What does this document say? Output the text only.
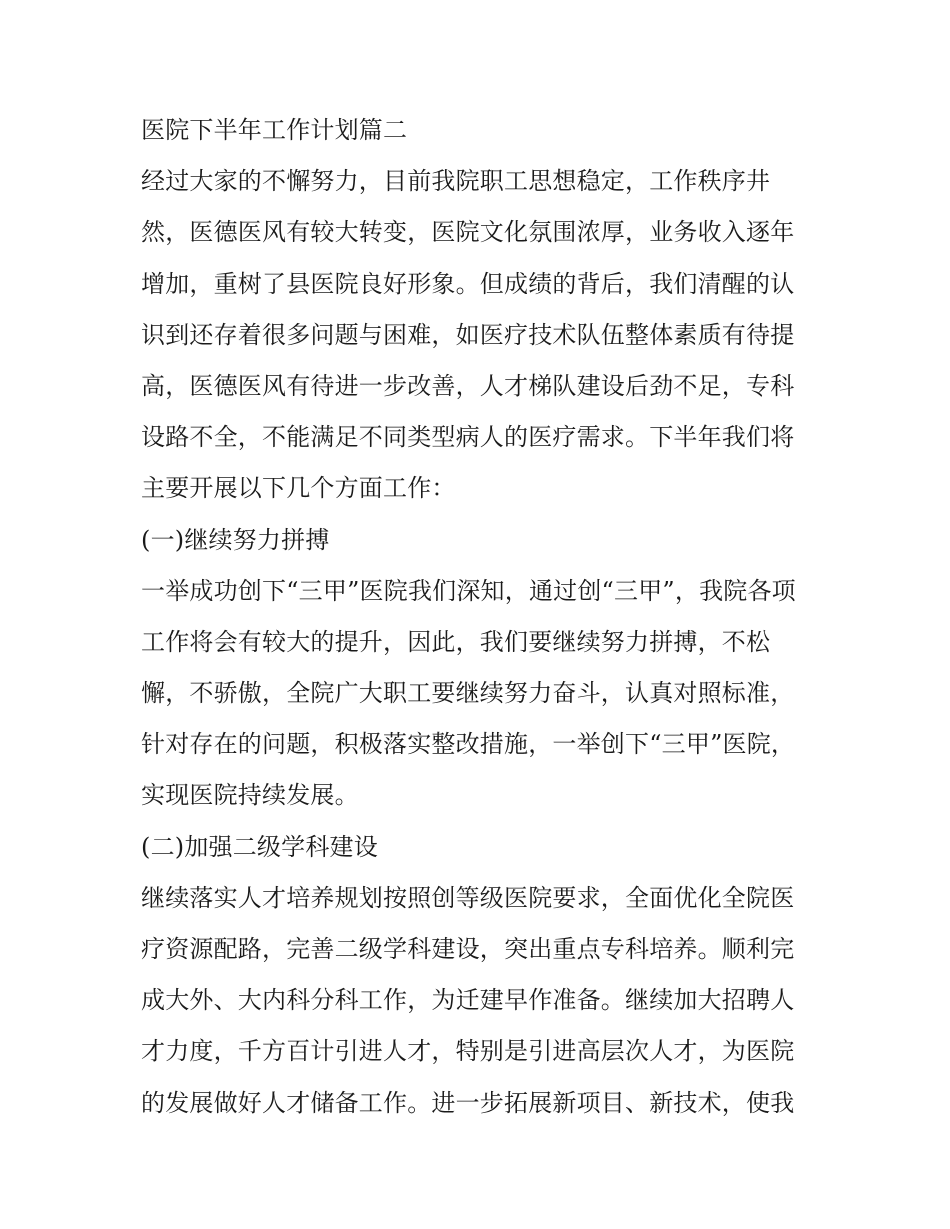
医院下半年工作计划篇二
经过大家的不懈努力，目前我院职工思想稳定，工作秩序井
然，医德医风有较大转变，医院文化氛围浓厚，业务收入逐年
增加，重树了县医院良好形象。但成绩的背后，我们清醒的认
识到还存着很多问题与困难，如医疗技术队伍整体素质有待提
高，医德医风有待进一步改善，人才梯队建设后劲不足，专科
设路不全，不能满足不同类型病人的医疗需求。下半年我们将
主要开展以下几个方面工作：
(一)继续努力拼搏
一举成功创下“三甲”医院我们深知，通过创“三甲”，我院各项
工作将会有较大的提升，因此，我们要继续努力拼搏，不松
懈，不骄傲，全院广大职工要继续努力奋斗，认真对照标准，
针对存在的问题，积极落实整改措施，一举创下“三甲”医院，
实现医院持续发展。
(二)加强二级学科建设
继续落实人才培养规划按照创等级医院要求，全面优化全院医
疗资源配路，完善二级学科建设，突出重点专科培养。顺利完
成大外、大内科分科工作，为迁建早作准备。继续加大招聘人
才力度，千方百计引进人才，特别是引进高层次人才，为医院
的发展做好人才储备工作。进一步拓展新项目、新技术，使我
